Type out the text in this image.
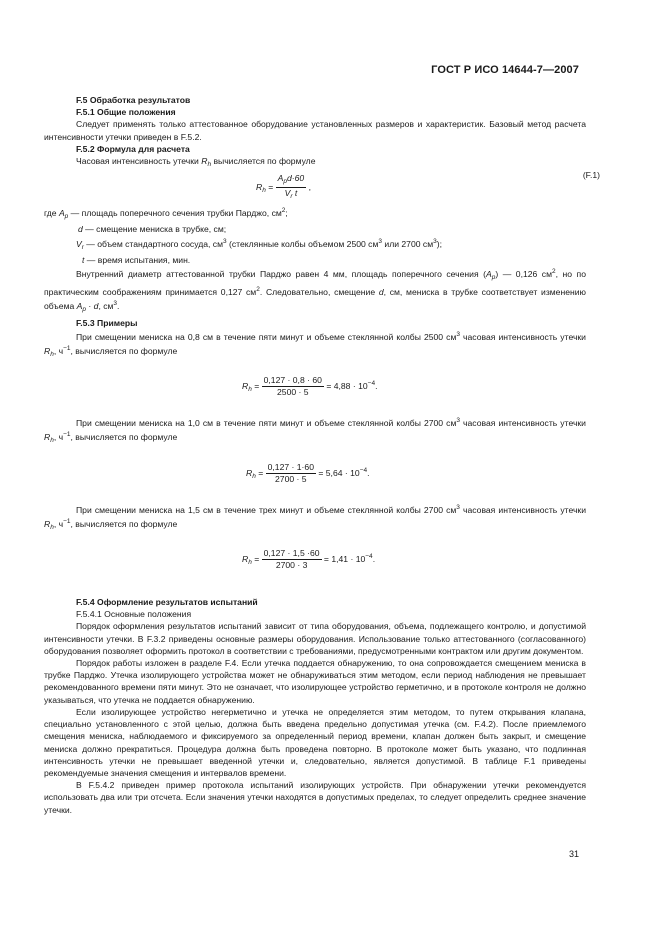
ГОСТ Р ИСО 14644-7—2007
F.5 Обработка результатов
F.5.1 Общие положения

Следует применять только аттестованное оборудование установленных размеров и характеристик. Базовый метод расчета интенсивности утечки приведен в F.5.2.

F.5.2 Формула для расчета

Часовая интенсивность утечки $R_h$ вычисляется по формуле

$R_h = \frac{A_pd\cdot 60}{V_r t}$ ,
(F.1)
где $A_p$ — площадь поперечного сечения трубки Парджо, $см^2$;
d — смещение мениска в трубке, см;
$V_r$ — объем стандартного сосуда, $см^3$ (стеклянные колбы объемом 2500 $см^3$ или 2700 $см^3$);
t — время испытания, мин.

Внутренний диаметр аттестованной трубки Парджо равен 4 мм, площадь поперечного сечения $(A_p)$ — 0,126 $см^2$, но по практическим соображениям принимается 0,127 $см^2$. Следовательно, смещение d, см, мениска в трубке соответствует изменению объема $A_p \cdot d$, $см^3$.

F.5.3 Примеры

При смещении мениска на 0,8 см в течение пяти минут и объеме стеклянной колбы 2500 $см^3$ часовая интенсивность утечки $R_h$, $ч^{-1}$, вычисляется по формуле

$R_h = \frac{0,127 \cdot 0,8 \cdot 60}{2500 \cdot 5} = 4,88 \cdot 10^{-4}$.

При смещении мениска на 1,0 см в течение пяти минут и объеме стеклянной колбы 2700 $см^3$ часовая интенсивность утечки $R_h$, $ч^{-1}$, вычисляется по формуле

$R_h = \frac{0,127 \cdot 1\cdot 60}{2700 \cdot 5} = 5,64 \cdot 10^{-4}$.

При смещении мениска на 1,5 см в течение трех минут и объеме стеклянной колбы 2700 $см^3$ часовая интенсивность утечки $R_h$, $ч^{-1}$, вычисляется по формуле

$R_h = \frac{0,127 \cdot 1,5 \cdot 60}{2700 \cdot 3} = 1,41 \cdot 10^{-4}$.
F.5.4 Оформление результатов испытаний
F.5.4.1 Основные положения

Порядок оформления результатов испытаний зависит от типа оборудования, объема, подлежащего контролю, и допустимой интенсивности утечки. В F.3.2 приведены основные размеры оборудования. Использование только аттестованного (согласованного) оборудования позволяет оформить протокол в соответствии с требованиями, предусмотренными контрактом или другим документом.

Порядок работы изложен в разделе F.4. Если утечка поддается обнаружению, то она сопровождается смещением мениска в трубке Парджо. Утечка изолирующего устройства может не обнаруживаться этим методом, если период наблюдения не превышает рекомендованного времени пяти минут. Это не означает, что изолирующее устройство герметично, и в протоколе контроля не должно указываться, что утечка не поддается обнаружению.

Если изолирующее устройство негерметично и утечка не определяется этим методом, то путем открывания клапана, специально установленного с этой целью, должна быть введена предельно допустимая утечка (см. F.4.2). После приемлемого смещения мениска, наблюдаемого и фиксируемого за определенный период времени, клапан должен быть закрыт, и смещение мениска должно прекратиться. Процедура должна быть проведена повторно. В протоколе может быть указано, что подлинная интенсивность утечки не превышает введенной утечки и, следовательно, является допустимой. В таблице F.1 приведены рекомендуемые значения смещения и интервалов времени.

В F.5.4.2 приведен пример протокола испытаний изолирующих устройств. При обнаружении утечки рекомендуется использовать два или три отсчета. Если значения утечки находятся в допустимых пределах, то следует определить среднее значение утечки.

31
